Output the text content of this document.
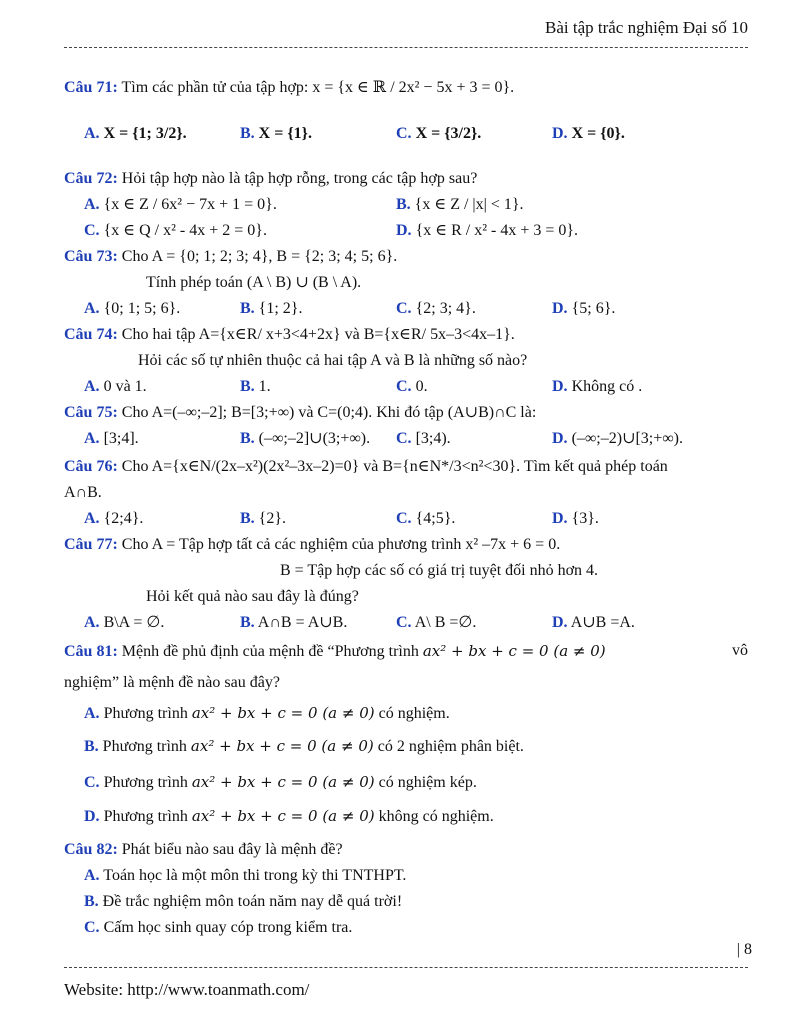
Bài tập trắc nghiệm Đại số 10
Câu 71: Tìm các phần tử của tập hợp: x = {x ∈ ℝ / 2x² − 5x + 3 = 0}.
A. X = {1; 3/2}.	B. X = {1}.	C. X = {3/2}.	D. X = {0}.
Câu 72: Hỏi tập hợp nào là tập hợp rỗng, trong các tập hợp sau?
A. {x ∈ Z / 6x² − 7x + 1 = 0}.	B. {x ∈ Z / |x| < 1}.
C. {x ∈ Q / x² - 4x + 2 = 0}.	D. {x ∈ R / x² - 4x + 3 = 0}.
Câu 73: Cho A = {0; 1; 2; 3; 4}, B = {2; 3; 4; 5; 6}.
Tính phép toán (A \ B) ∪ (B \ A).
A. {0; 1; 5; 6}.	B. {1; 2}.	C. {2; 3; 4}.	D. {5; 6}.
Câu 74: Cho hai tập A={x∈R/ x+3<4+2x} và B={x∈R/ 5x–3<4x–1}.
Hỏi các số tự nhiên thuộc cả hai tập A và B là những số nào?
A. 0 và 1.	B. 1.	C. 0.	D. Không có .
Câu 75: Cho A=(–∞;–2]; B=[3;+∞) và C=(0;4). Khi đó tập (A∪B)∩C là:
A. [3;4].	B. (–∞;–2]∪(3;+∞). C. [3;4).	D. (–∞;–2)∪[3;+∞).
Câu 76: Cho A={x∈N/(2x–x²)(2x²–3x–2)=0} và B={n∈N*/3<n²<30}. Tìm kết quả phép toán
A∩B.
A. {2;4}.	B. {2}.	C. {4;5}.	D. {3}.
Câu 77: Cho A = Tập hợp tất cả các nghiệm của phương trình x² –7x + 6 = 0.
B = Tập hợp các số có giá trị tuyệt đối nhỏ hơn 4.
Hỏi kết quả nào sau đây là đúng?
A. B\A = ∅.	B. A∩B = A∪B.	C. A\ B =∅.	D. A∪B =A.
Câu 81: Mệnh đề phủ định của mệnh đề “Phương trình ax² + bx + c = 0 (a ≠ 0)	vô
nghiệm” là mệnh đề nào sau đây?
A. Phương trình ax² + bx + c = 0 (a ≠ 0) có nghiệm.
B. Phương trình ax² + bx + c = 0 (a ≠ 0) có 2 nghiệm phân biệt.
C. Phương trình ax² + bx + c = 0 (a ≠ 0) có nghiệm kép.
D. Phương trình ax² + bx + c = 0 (a ≠ 0) không có nghiệm.
Câu 82: Phát biểu nào sau đây là mệnh đề?
A. Toán học là một môn thi trong kỳ thi TNTHPT.
B. Đề trắc nghiệm môn toán năm nay dễ quá trời!
C. Cấm học sinh quay cóp trong kiểm tra.
| 8
Website: http://www.toanmath.com/
